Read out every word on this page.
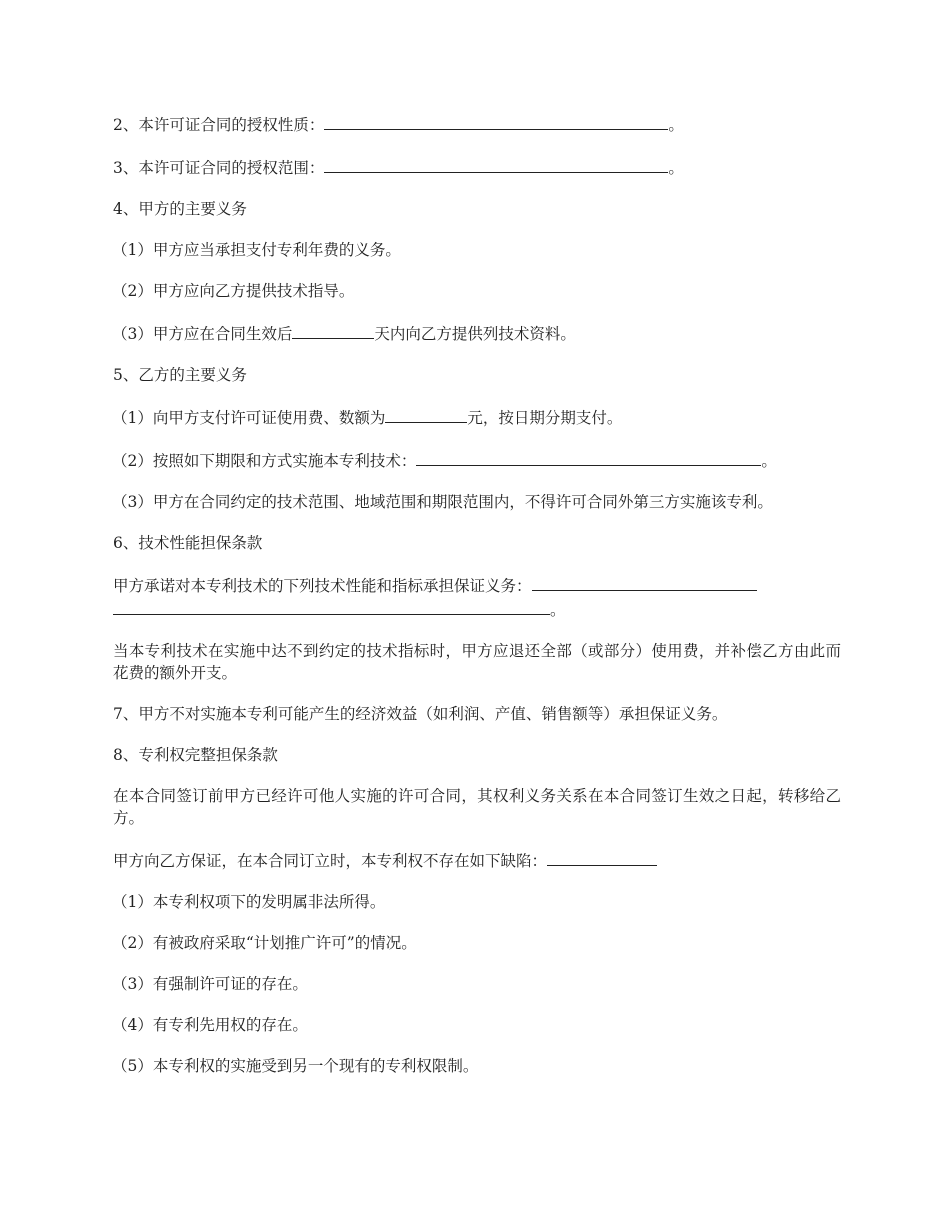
2、本许可证合同的授权性质：	。

3、本许可证合同的授权范围：	。

4、甲方的主要义务

（1）甲方应当承担支付专利年费的义务。

（2）甲方应向乙方提供技术指导。

（3）甲方应在合同生效后	天内向乙方提供列技术资料。

5、乙方的主要义务

（1）向甲方支付许可证使用费、数额为	元，按日期分期支付。

（2）按照如下期限和方式实施本专利技术：	。

（3）甲方在合同约定的技术范围、地域范围和期限范围内，不得许可合同外第三方实施该专利。

6、技术性能担保条款

甲方承诺对本专利技术的下列技术性能和指标承担保证义务：
。

当本专利技术在实施中达不到约定的技术指标时，甲方应退还全部（或部分）使用费，并补偿乙方由此而花费的额外开支。

7、甲方不对实施本专利可能产生的经济效益（如利润、产值、销售额等）承担保证义务。

8、专利权完整担保条款

在本合同签订前甲方已经许可他人实施的许可合同，其权利义务关系在本合同签订生效之日起，转移给乙方。

甲方向乙方保证，在本合同订立时，本专利权不存在如下缺陷：

（1）本专利权项下的发明属非法所得。

（2）有被政府采取“计划推广许可”的情况。

（3）有强制许可证的存在。

（4）有专利先用权的存在。

（5）本专利权的实施受到另一个现有的专利权限制。
